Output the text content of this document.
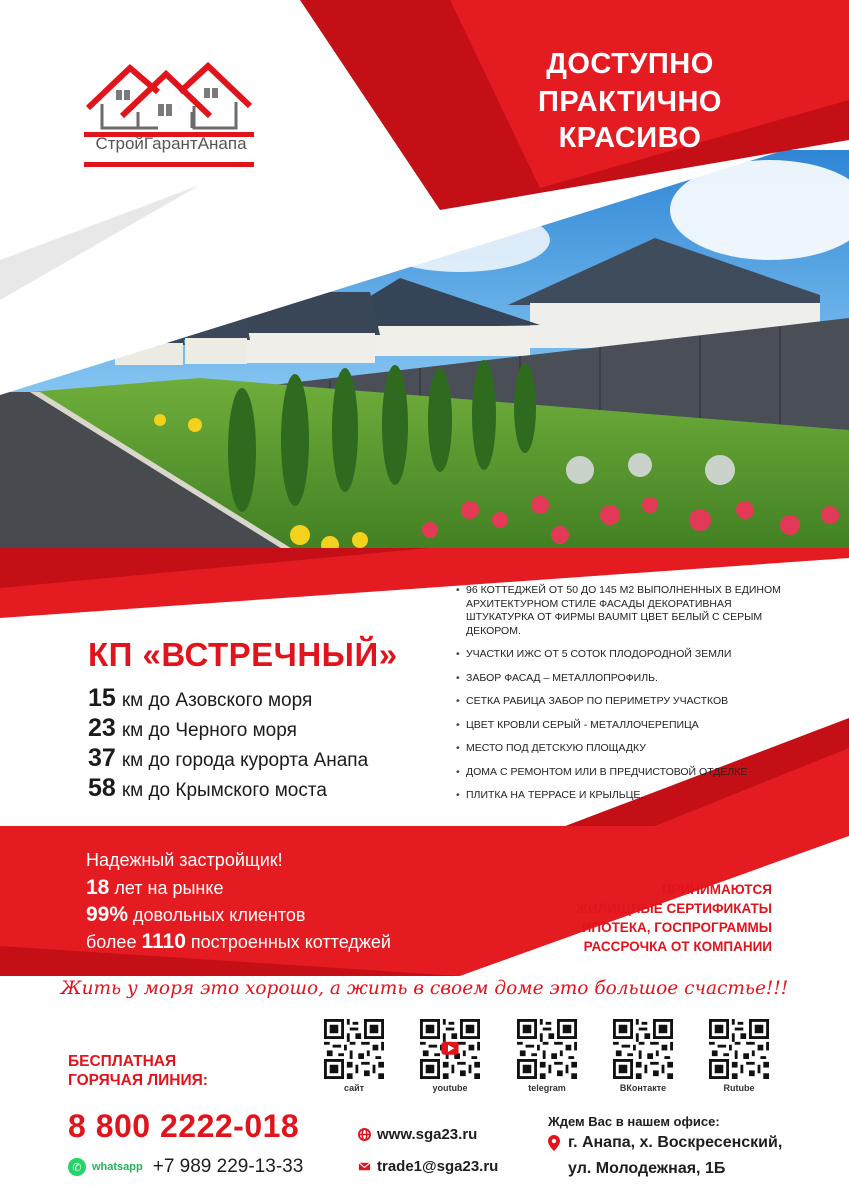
СтройГарантАнапа
ДОСТУПНО
ПРАКТИЧНО
КРАСИВО
КП «ВСТРЕЧНЫЙ»
15 км до Азовского моря
23 км до Черного моря
37 км до города курорта Анапа
58 км до Крымского моста
• 96 КОТТЕДЖЕЙ ОТ 50 ДО 145 М2 ВЫПОЛНЕННЫХ В ЕДИНОМ АРХИТЕКТУРНОМ СТИЛЕ ФАСАДЫ ДЕКОРАТИВНАЯ ШТУКАТУРКА ОТ ФИРМЫ BAUMIT ЦВЕТ БЕЛЫЙ С СЕРЫМ ДЕКОРОМ.
• УЧАСТКИ ИЖС ОТ 5 СОТОК ПЛОДОРОДНОЙ ЗЕМЛИ
• ЗАБОР ФАСАД – МЕТАЛЛОПРОФИЛЬ.
• СЕТКА РАБИЦА ЗАБОР ПО ПЕРИМЕТРУ УЧАСТКОВ
• ЦВЕТ КРОВЛИ СЕРЫЙ - МЕТАЛЛОЧЕРЕПИЦА
• МЕСТО ПОД ДЕТСКУЮ ПЛОЩАДКУ
• ДОМА С РЕМОНТОМ ИЛИ В ПРЕДЧИСТОВОЙ ОТДЕЛКЕ
• ПЛИТКА НА ТЕРРАСЕ И КРЫЛЬЦЕ.
Надежный застройщик!
18 лет на рынке
99% довольных клиентов
более 1110 построенных коттеджей
ПРИНИМАЮТСЯ
ЖИЛИЩНЫЕ СЕРТИФИКАТЫ
ИПОТЕКА, ГОСПРОГРАММЫ
РАССРОЧКА ОТ КОМПАНИИ
Жить у моря это хорошо, а жить в своем доме это большое счастье!!!
БЕСПЛАТНАЯ
ГОРЯЧАЯ ЛИНИЯ:
8 800 2222-018
✆ whatsapp +7 989 229-13-33
сайт	youtube	telegram	ВКонтакте	Rutube
www.sga23.ru
trade1@sga23.ru
Ждем Вас в нашем офисе:
г. Анапа, х. Воскресенский,
ул. Молодежная, 1Б
